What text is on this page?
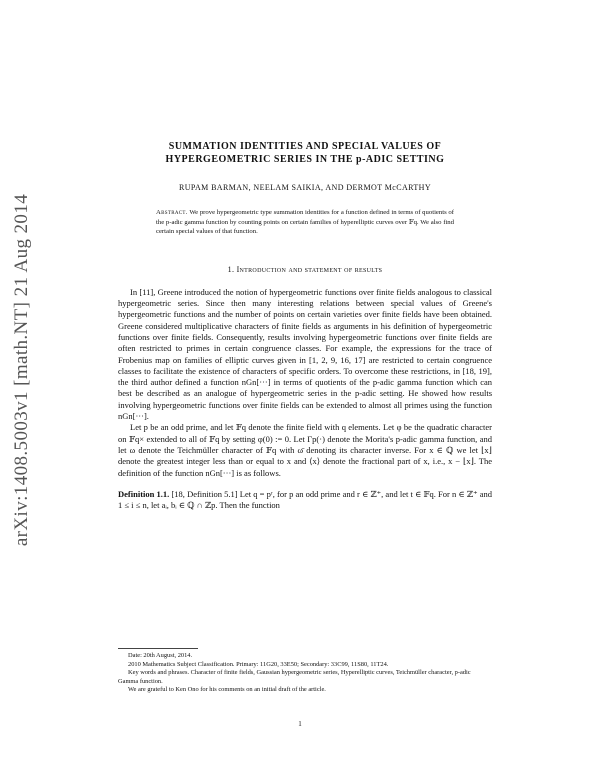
arXiv:1408.5003v1 [math.NT] 21 Aug 2014

SUMMATION IDENTITIES AND SPECIAL VALUES OF
HYPERGEOMETRIC SERIES IN THE p-ADIC SETTING

RUPAM BARMAN, NEELAM SAIKIA, AND DERMOT McCARTHY
Abstract. We prove hypergeometric type summation identities for a function defined in terms of quotients of the p-adic gamma function by counting points on certain families of hyperelliptic curves over 𝔽q. We also find certain special values of that function.
1. Introduction and statement of results

In [11], Greene introduced the notion of hypergeometric functions over finite fields analogous to classical hypergeometric series. Since then many interesting relations between special values of Greene's hypergeometric functions and the number of points on certain varieties over finite fields have been obtained. Greene considered multiplicative characters of finite fields as arguments in his definition of hypergeometric functions over finite fields. Consequently, results involving hypergeometric functions over finite fields are often restricted to primes in certain congruence classes. For example, the expressions for the trace of Frobenius map on families of elliptic curves given in [1, 2, 9, 16, 17] are restricted to certain congruence classes to facilitate the existence of characters of specific orders. To overcome these restrictions, in [18, 19], the third author defined a function nGn[···] in terms of quotients of the p-adic gamma function which can best be described as an analogue of hypergeometric series in the p-adic setting. He showed how results involving hypergeometric functions over finite fields can be extended to almost all primes using the function nGn[···].

Let p be an odd prime, and let 𝔽q denote the finite field with q elements. Let φ be the quadratic character on 𝔽q× extended to all of 𝔽q by setting φ(0) := 0. Let Γp(·) denote the Morita's p-adic gamma function, and let ω denote the Teichmüller character of 𝔽q with ω̄ denoting its character inverse. For x ∈ ℚ we let ⌊x⌋ denote the greatest integer less than or equal to x and ⟨x⟩ denote the fractional part of x, i.e., x − ⌊x⌋. The definition of the function nGn[···] is as follows.

Definition 1.1. [18, Definition 5.1] Let q = pʳ, for p an odd prime and r ∈ ℤ⁺, and let t ∈ 𝔽q. For n ∈ ℤ⁺ and 1 ≤ i ≤ n, let aᵢ, bᵢ ∈ ℚ ∩ ℤp. Then the function

Date: 20th August, 2014.

2010 Mathematics Subject Classification. Primary: 11G20, 33E50; Secondary: 33C99, 11S80, 11T24.

Key words and phrases. Character of finite fields, Gaussian hypergeometric series, Hyperelliptic curves, Teichmüller character, p-adic Gamma function.

We are grateful to Ken Ono for his comments on an initial draft of the article.

1
